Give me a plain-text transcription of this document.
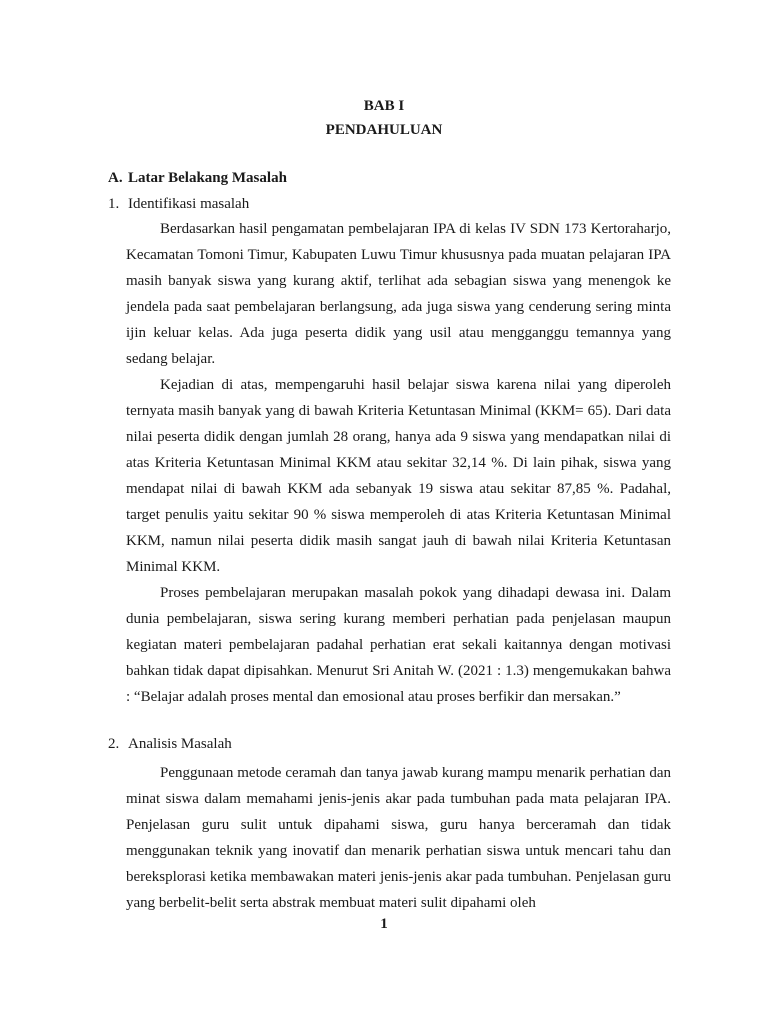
BAB I
PENDAHULUAN
A. Latar Belakang Masalah
1. Identifikasi masalah

Berdasarkan hasil pengamatan pembelajaran IPA di kelas IV SDN 173 Kertoraharjo, Kecamatan Tomoni Timur, Kabupaten Luwu Timur khususnya pada muatan pelajaran IPA masih banyak siswa yang kurang aktif, terlihat ada sebagian siswa yang menengok ke jendela pada saat pembelajaran berlangsung, ada juga siswa yang cenderung sering minta ijin keluar kelas. Ada juga peserta didik yang usil atau mengganggu temannya yang sedang belajar.

Kejadian di atas, mempengaruhi hasil belajar siswa karena nilai yang diperoleh ternyata masih banyak yang di bawah Kriteria Ketuntasan Minimal (KKM= 65). Dari data nilai peserta didik dengan jumlah 28 orang, hanya ada 9 siswa yang mendapatkan nilai di atas Kriteria Ketuntasan Minimal KKM atau sekitar 32,14 %. Di lain pihak, siswa yang mendapat nilai di bawah KKM ada sebanyak 19 siswa atau sekitar 87,85 %. Padahal, target penulis yaitu sekitar 90 % siswa memperoleh di atas Kriteria Ketuntasan Minimal KKM, namun nilai peserta didik masih sangat jauh di bawah nilai Kriteria Ketuntasan Minimal KKM.

Proses pembelajaran merupakan masalah pokok yang dihadapi dewasa ini. Dalam dunia pembelajaran, siswa sering kurang memberi perhatian pada penjelasan maupun kegiatan materi pembelajaran padahal perhatian erat sekali kaitannya dengan motivasi bahkan tidak dapat dipisahkan. Menurut Sri Anitah W. (2021 : 1.3) mengemukakan bahwa : “Belajar adalah proses mental dan emosional atau proses berfikir dan mersakan.”

2. Analisis Masalah

Penggunaan metode ceramah dan tanya jawab kurang mampu menarik perhatian dan minat siswa dalam memahami jenis-jenis akar pada tumbuhan pada mata pelajaran IPA. Penjelasan guru sulit untuk dipahami siswa, guru hanya berceramah dan tidak menggunakan teknik yang inovatif dan menarik perhatian siswa untuk mencari tahu dan bereksplorasi ketika membawakan materi jenis-jenis akar pada tumbuhan. Penjelasan guru yang berbelit-belit serta abstrak membuat materi sulit dipahami oleh

1
